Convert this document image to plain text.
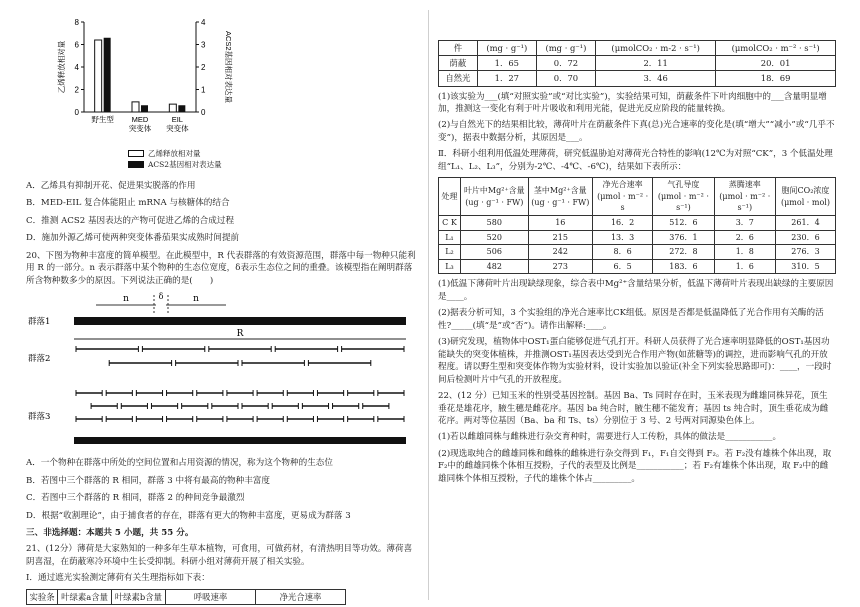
8
6
4
2
0
4
3
2
1
0
乙烯释放相对量	ACS2基因相对表达量
野生型 MED
突变体
EIL
突变体
乙烯释放相对量
ACS2基因相对表达量
A．乙烯具有抑制开花、促进果实脱落的作用
B．MED-EIL 复合体能阻止 mRNA 与核糖体的结合
C．推测 ACS2 基因表达的产物可促进乙烯的合成过程
D．施加外源乙烯可使两种突变体番茄果实成熟时间提前

20、下图为物种丰富度的简单模型。在此模型中，R 代表群落的有效资源范围，群落中每一物种只能利用 R 的一部分。n 表示群落中某个物种的生态位宽度，δ表示生态位之间的重叠。该模型指在阐明群落所含物种数多少的原因。下列说法正确的是(　　)

n	n
δ
群落1
R
群落2
群落3
A．一个物种在群落中所处的空间位置和占用资源的情况，称为这个物种的生态位
B．若图中三个群落的 R 相同，群落 3 中将有最高的物种丰富度
C．若图中三个群落的 R 相同，群落 2 的种间竞争最激烈
D．根据“收割理论”，由于捕食者的存在，群落有更大的物种丰富度，更易成为群落 3

三、非选择题：本题共 5 小题，共 55 分。

21、(12分）薄荷是大家熟知的一种多年生草本植物，可食用，可做药材，有清热明目等功效。薄荷喜阴喜湿，在荫蔽寒冷环境中生长受抑制。科研小组对薄荷开展了相关实验。

Ⅰ．通过遮光实验测定薄荷有关生理指标如下表：

实验条	叶绿素a含量	叶绿素b含量	呼吸速率	净光合速率
件	(mg · g⁻¹)	(mg · g⁻¹)	(μmolCO₂ · m-2 · s⁻¹)	(μmolCO₂ · m⁻² · s⁻¹)
荫蔽	1．65	0．72	2．11	20．01
自然光	1．27	0．70	3．46	18．69

(1)该实验为___(填“对照实验”或“对比实验”)，实验结果可知，荫蔽条件下叶肉细胞中的___含量明显增加，推测这一变化有利于叶片吸收和利用光能，促进光反应阶段的能量转换。

(2)与自然光下的结果相比较，薄荷叶片在荫蔽条件下真(总)光合速率的变化是(填“增大”“减小”或“几乎不变”)，据表中数据分析，其原因是___。

Ⅱ．科研小组利用低温处理薄荷，研究低温胁迫对薄荷光合特性的影响(12℃为对照“CK”，3 个低温处理组“L₁、L₂、L₃”，分别为-2℃、-4℃、-6℃)，结果如下表所示：

处理	叶片中Mg²⁺含量 (ug · g⁻¹ · FW)	茎中Mg²⁺含量 (ug · g⁻¹ · FW)	净光合速率 (μmol · m⁻² · s	气孔导度 (μmol · m⁻² · s⁻¹)	蒸腾速率 (μmol · m⁻² · s⁻¹)	胞间CO₂浓度 (μmol · mol)
C K	580	16	16．2	512．6	3．7	261．4
L₁	520	215	13．3	376．1	2．6	230．6
L₂	506	242	8．6	272．8	1．8	276．3
L₃	482	273	6．5	183．6	1．6	310．5

(1)低温下薄荷叶片出现缺绿现象，综合表中Mg²⁺含量结果分析，低温下薄荷叶片表现出缺绿的主要原因是____。

(2)据表分析可知，3 个实验组的净光合速率比CK组低。原因是否都是低温降低了光合作用有关酶的活性?_____(填“是”或“否”)。请作出解释:____。

(3)研究发现，植物体中OST₁蛋白能够促进气孔打开。科研人员获得了光合速率明显降低的OST₁基因功能缺失的突变体植株，并推测OST₁基因表达受到光合作用产物(如蔗糖等)的调控，进而影响气孔的开放程度。请以野生型和突变体作物为实验材料，设计实验加以验证(补全下列实验思路即可)：____，一段时间后检测叶片中气孔的开放程度。

22、(12 分）已知玉米的性别受基因控制。基因 Ba、Ts 同时存在时，玉米表现为雌雄同株异花，顶生垂花是雄花序，腋生穗是雌花序。基因 ba 纯合时，腋生穗不能发育；基因 ts 纯合时，顶生垂花成为雌花序。两对等位基因（Ba、ba 和 Ts、ts）分别位于 3 号、2 号两对同源染色体上。

(1)若以雌雄同株与雌株进行杂交育种时，需要进行人工传粉，具体的做法是___________。

(2)现选取纯合的雌雄同株和雌株的雌株进行杂交得到 F₁，F₁自交得到 F₂。若 F₂没有雄株个体出现，取 F₂中的雌雄同株个体相互授粉，子代的表型及比例是___________；若 F₂有雄株个体出现，取 F₂中的雌雄同株个体相互授粉，子代的雄株个体占_________。
